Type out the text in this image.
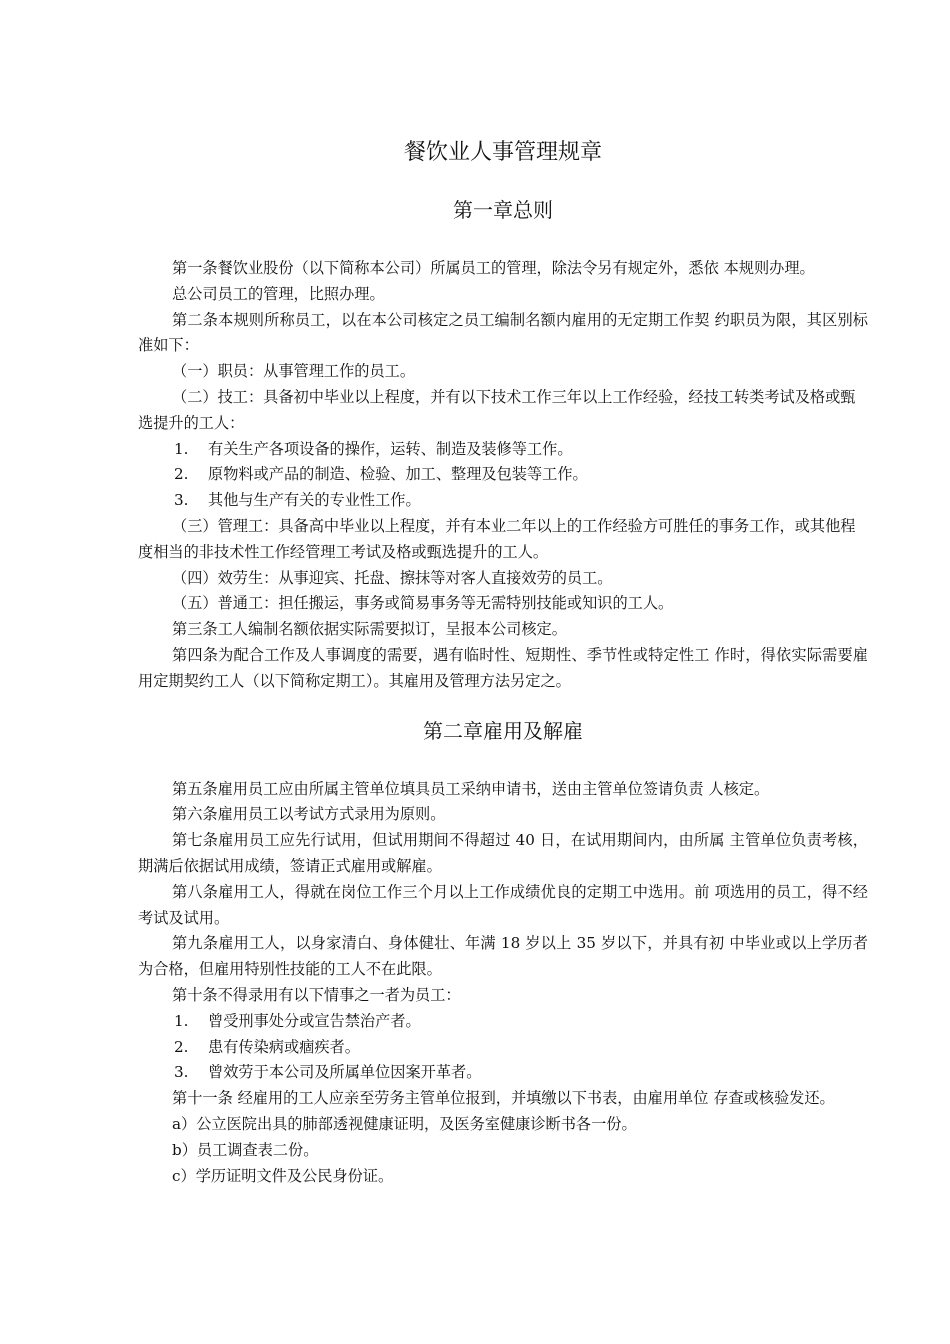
餐饮业人事管理规章
第一章总则

第一条餐饮业股份（以下简称本公司）所属员工的管理，除法令另有规定外，悉依 本规则办理。

总公司员工的管理，比照办理。

第二条本规则所称员工，以在本公司核定之员工编制名额内雇用的无定期工作契 约职员为限，其区别标准如下：

（一）职员：从事管理工作的员工。

（二）技工：具备初中毕业以上程度，并有以下技术工作三年以上工作经验，经技工转类考试及格或甄选提升的工人：

1.	有关生产各项设备的操作，运转、制造及装修等工作。
2.	原物料或产品的制造、检验、加工、整理及包装等工作。
3.	其他与生产有关的专业性工作。

（三）管理工：具备高中毕业以上程度，并有本业二年以上的工作经验方可胜任的事务工作，或其他程度相当的非技术性工作经管理工考试及格或甄选提升的工人。

（四）效劳生：从事迎宾、托盘、擦抹等对客人直接效劳的员工。

（五）普通工：担任搬运，事务或简易事务等无需特别技能或知识的工人。

第三条工人编制名额依据实际需要拟订，呈报本公司核定。

第四条为配合工作及人事调度的需要，遇有临时性、短期性、季节性或特定性工 作时，得依实际需要雇用定期契约工人（以下简称定期工）。其雇用及管理方法另定之。

第二章雇用及解雇

第五条雇用员工应由所属主管单位填具员工采纳申请书，送由主管单位签请负责 人核定。

第六条雇用员工以考试方式录用为原则。

第七条雇用员工应先行试用，但试用期间不得超过 40 日，在试用期间内，由所属 主管单位负责考核，期满后依据试用成绩，签请正式雇用或解雇。

第八条雇用工人，得就在岗位工作三个月以上工作成绩优良的定期工中选用。前 项选用的员工，得不经考试及试用。

第九条雇用工人，以身家清白、身体健壮、年满 18 岁以上 35 岁以下，并具有初 中毕业或以上学历者为合格，但雇用特别性技能的工人不在此限。

第十条不得录用有以下情事之一者为员工：

1.	曾受刑事处分或宣告禁治产者。
2.	患有传染病或痼疾者。
3.	曾效劳于本公司及所属单位因案开革者。

第十一条 经雇用的工人应亲至劳务主管单位报到，并填缴以下书表，由雇用单位 存查或核验发还。

a）公立医院出具的肺部透视健康证明，及医务室健康诊断书各一份。

b）员工调查表二份。

c）学历证明文件及公民身份证。
